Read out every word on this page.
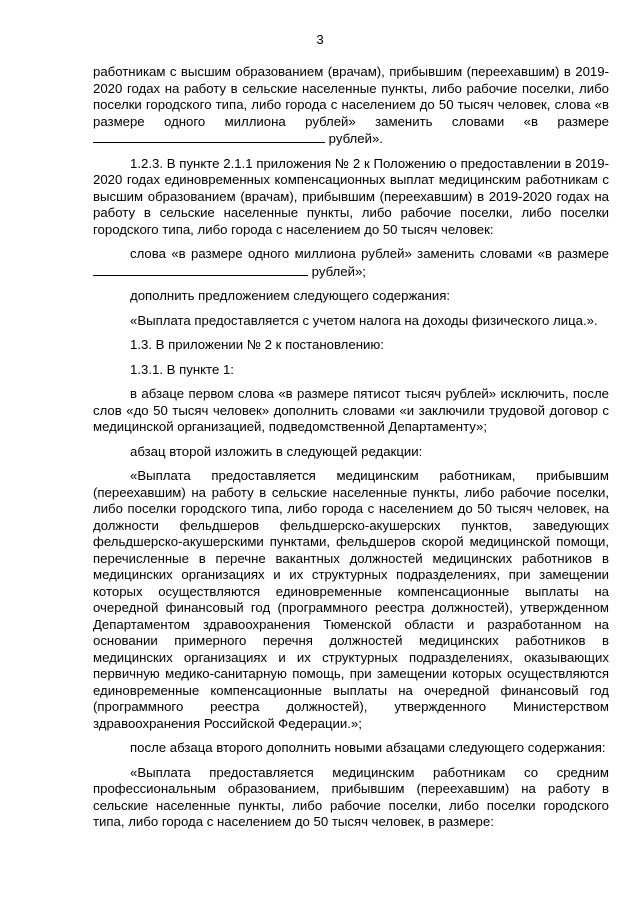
3

работникам с высшим образованием (врачам), прибывшим (переехавшим) в 2019-2020 годах на работу в сельские населенные пункты, либо рабочие поселки, либо поселки городского типа, либо города с населением до 50 тысяч человек, слова «в размере одного миллиона рублей» заменить словами «в размере  рублей».

1.2.3. В пункте 2.1.1 приложения № 2 к Положению о предоставлении в 2019-2020 годах единовременных компенсационных выплат медицинским работникам с высшим образованием (врачам), прибывшим (переехавшим) в 2019-2020 годах на работу в сельские населенные пункты, либо рабочие поселки, либо поселки городского типа, либо города с населением до 50 тысяч человек:

слова «в размере одного миллиона рублей» заменить словами «в размере  рублей»;

дополнить предложением следующего содержания:

«Выплата предоставляется с учетом налога на доходы физического лица.».

1.3. В приложении № 2 к постановлению:

1.3.1. В пункте 1:

в абзаце первом слова «в размере пятисот тысяч рублей» исключить, после слов «до 50 тысяч человек» дополнить словами «и заключили трудовой договор с медицинской организацией, подведомственной Департаменту»;

абзац второй изложить в следующей редакции:

«Выплата предоставляется медицинским работникам, прибывшим (переехавшим) на работу в сельские населенные пункты, либо рабочие поселки, либо поселки городского типа, либо города с населением до 50 тысяч человек, на должности фельдшеров фельдшерско-акушерских пунктов, заведующих фельдшерско-акушерскими пунктами, фельдшеров скорой медицинской помощи, перечисленные в перечне вакантных должностей медицинских работников в медицинских организациях и их структурных подразделениях, при замещении которых осуществляются единовременные компенсационные выплаты на очередной финансовый год (программного реестра должностей), утвержденном Департаментом здравоохранения Тюменской области и разработанном на основании примерного перечня должностей медицинских работников в медицинских организациях и их структурных подразделениях, оказывающих первичную медико-санитарную помощь, при замещении которых осуществляются единовременные компенсационные выплаты на очередной финансовый год (программного реестра должностей), утвержденного Министерством здравоохранения Российской Федерации.»;

после абзаца второго дополнить новыми абзацами следующего содержания:

«Выплата предоставляется медицинским работникам со средним профессиональным образованием, прибывшим (переехавшим) на работу в сельские населенные пункты, либо рабочие поселки, либо поселки городского типа, либо города с населением до 50 тысяч человек, в размере:
